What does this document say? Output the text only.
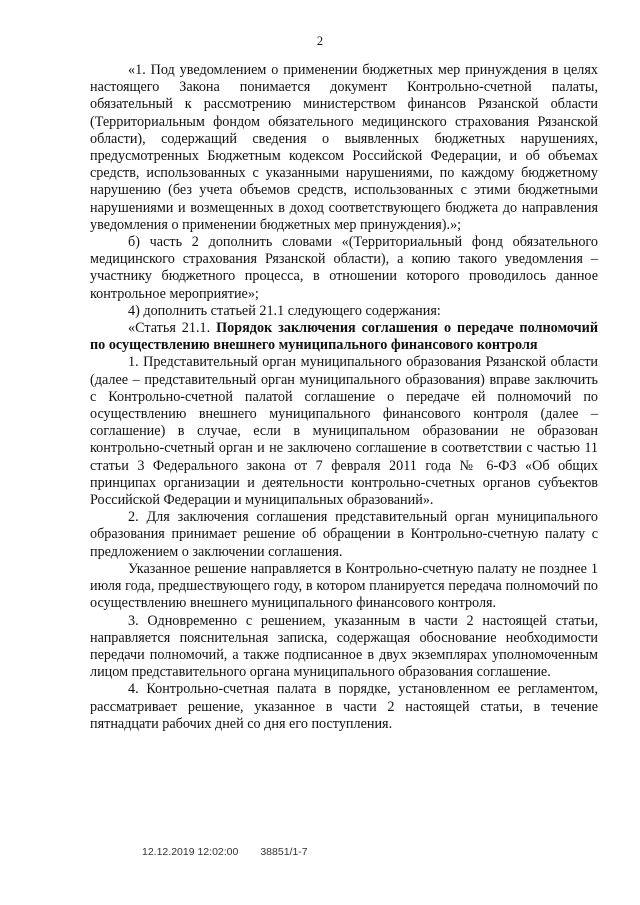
2

«1. Под уведомлением о применении бюджетных мер принуждения в целях настоящего Закона понимается документ Контрольно-счетной палаты, обязательный к рассмотрению министерством финансов Рязанской области (Территориальным фондом обязательного медицинского страхования Рязанской области), содержащий сведения о выявленных бюджетных нарушениях, предусмотренных Бюджетным кодексом Российской Федерации, и об объемах средств, использованных с указанными нарушениями, по каждому бюджетному нарушению (без учета объемов средств, использованных с этими бюджетными нарушениями и возмещенных в доход соответствующего бюджета до направления уведомления о применении бюджетных мер принуждения).»;

б) часть 2 дополнить словами «(Территориальный фонд обязательного медицинского страхования Рязанской области), а копию такого уведомления – участнику бюджетного процесса, в отношении которого проводилось данное контрольное мероприятие»;

4) дополнить статьей 21.1 следующего содержания:

«Статья 21.1. Порядок заключения соглашения о передаче полномочий по осуществлению внешнего муниципального финансового контроля

1. Представительный орган муниципального образования Рязанской области (далее – представительный орган муниципального образования) вправе заключить с Контрольно-счетной палатой соглашение о передаче ей полномочий по осуществлению внешнего муниципального финансового контроля (далее – соглашение) в случае, если в муниципальном образовании не образован контрольно-счетный орган и не заключено соглашение в соответствии с частью 11 статьи 3 Федерального закона от 7 февраля 2011 года № 6-ФЗ «Об общих принципах организации и деятельности контрольно-счетных органов субъектов Российской Федерации и муниципальных образований».

2. Для заключения соглашения представительный орган муниципального образования принимает решение об обращении в Контрольно-счетную палату с предложением о заключении соглашения.

Указанное решение направляется в Контрольно-счетную палату не позднее 1 июля года, предшествующего году, в котором планируется передача полномочий по осуществлению внешнего муниципального финансового контроля.

3. Одновременно с решением, указанным в части 2 настоящей статьи, направляется пояснительная записка, содержащая обоснование необходимости передачи полномочий, а также подписанное в двух экземплярах уполномоченным лицом представительного органа муниципального образования соглашение.

4. Контрольно-счетная палата в порядке, установленном ее регламентом, рассматривает решение, указанное в части 2 настоящей статьи, в течение пятнадцати рабочих дней со дня его поступления.

12.12.2019 12:02:00 38851/1-7
